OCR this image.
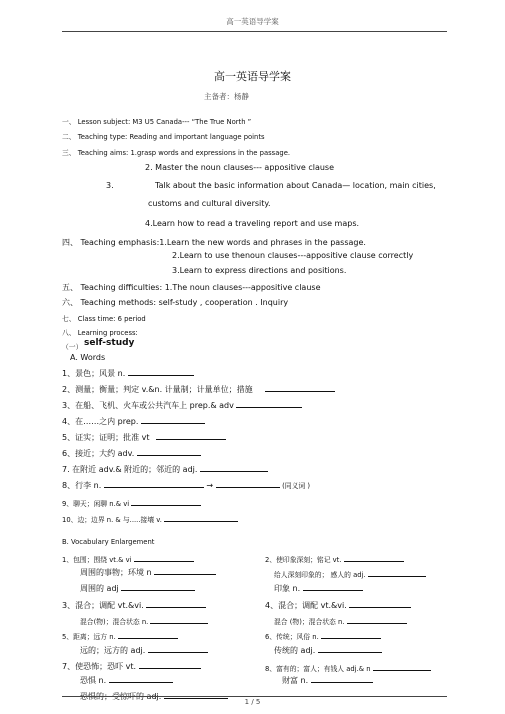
高一英语导学案
高一英语导学案
主备者：杨静
一、 Lesson subject: M3 U5 Canada--- “The True North ”
二、 Teaching type: Reading and important language points
三、 Teaching aims: 1.grasp words and expressions in the passage.
2. Master the noun clauses--- appositive clause
3.	Talk about the basic information about Canada— location, main cities,
customs and cultural diversity.
4.Learn how to read a traveling report and use maps.
四、 Teaching emphasis:1.Learn the new words and phrases in the passage.
2.Learn to use thenoun clauses---appositive clause correctly
3.Learn to express directions and positions.
五、 Teaching difficulties: 1.The noun clauses---appositive clause
六、 Teaching methods: self-study , cooperation . Inquiry
七、 Class time: 6 period
八、 Learning process:
（一） self-study
A. Words
1、景色；风景 n.
2、测量；衡量；判定 v.&n. 计量制；计量单位；措施
3、在船、飞机、火车或公共汽车上 prep.& adv
4、在……之内 prep.
5、证实；证明；批准 vt
6、接近；大约 adv.
7. 在附近 adv.& 附近的；邻近的 adj.
8、行李 n.	→	(同义词 )
9、聊天；闲聊 n.& vi
10、边；边界 n. & 与.....接壤 v.
B. Vocabulary Enlargement
1、包围；围绕 vt.& vi
周围的事物；环境 n
周围的 adj
3、混合；调配 vt.&vi.
混合(物)；混合状态 n.
5、距离；远方 n.
远的；远方的 adj.
7、使恐怖；恐吓 vt.
恐惧 n.
恐惧的；受惊吓的 adj.
2、使印象深刻；铭记 vt.
给人深刻印象的； 感人的 adj.
印象 n.
4、混合；调配 vt.&vi.
混合 (物)；混合状态 n.
6、传统；风俗 n.
传统的 adj.
8、富有的；富人；有钱人 adj.& n
财富 n.
1 / 5
